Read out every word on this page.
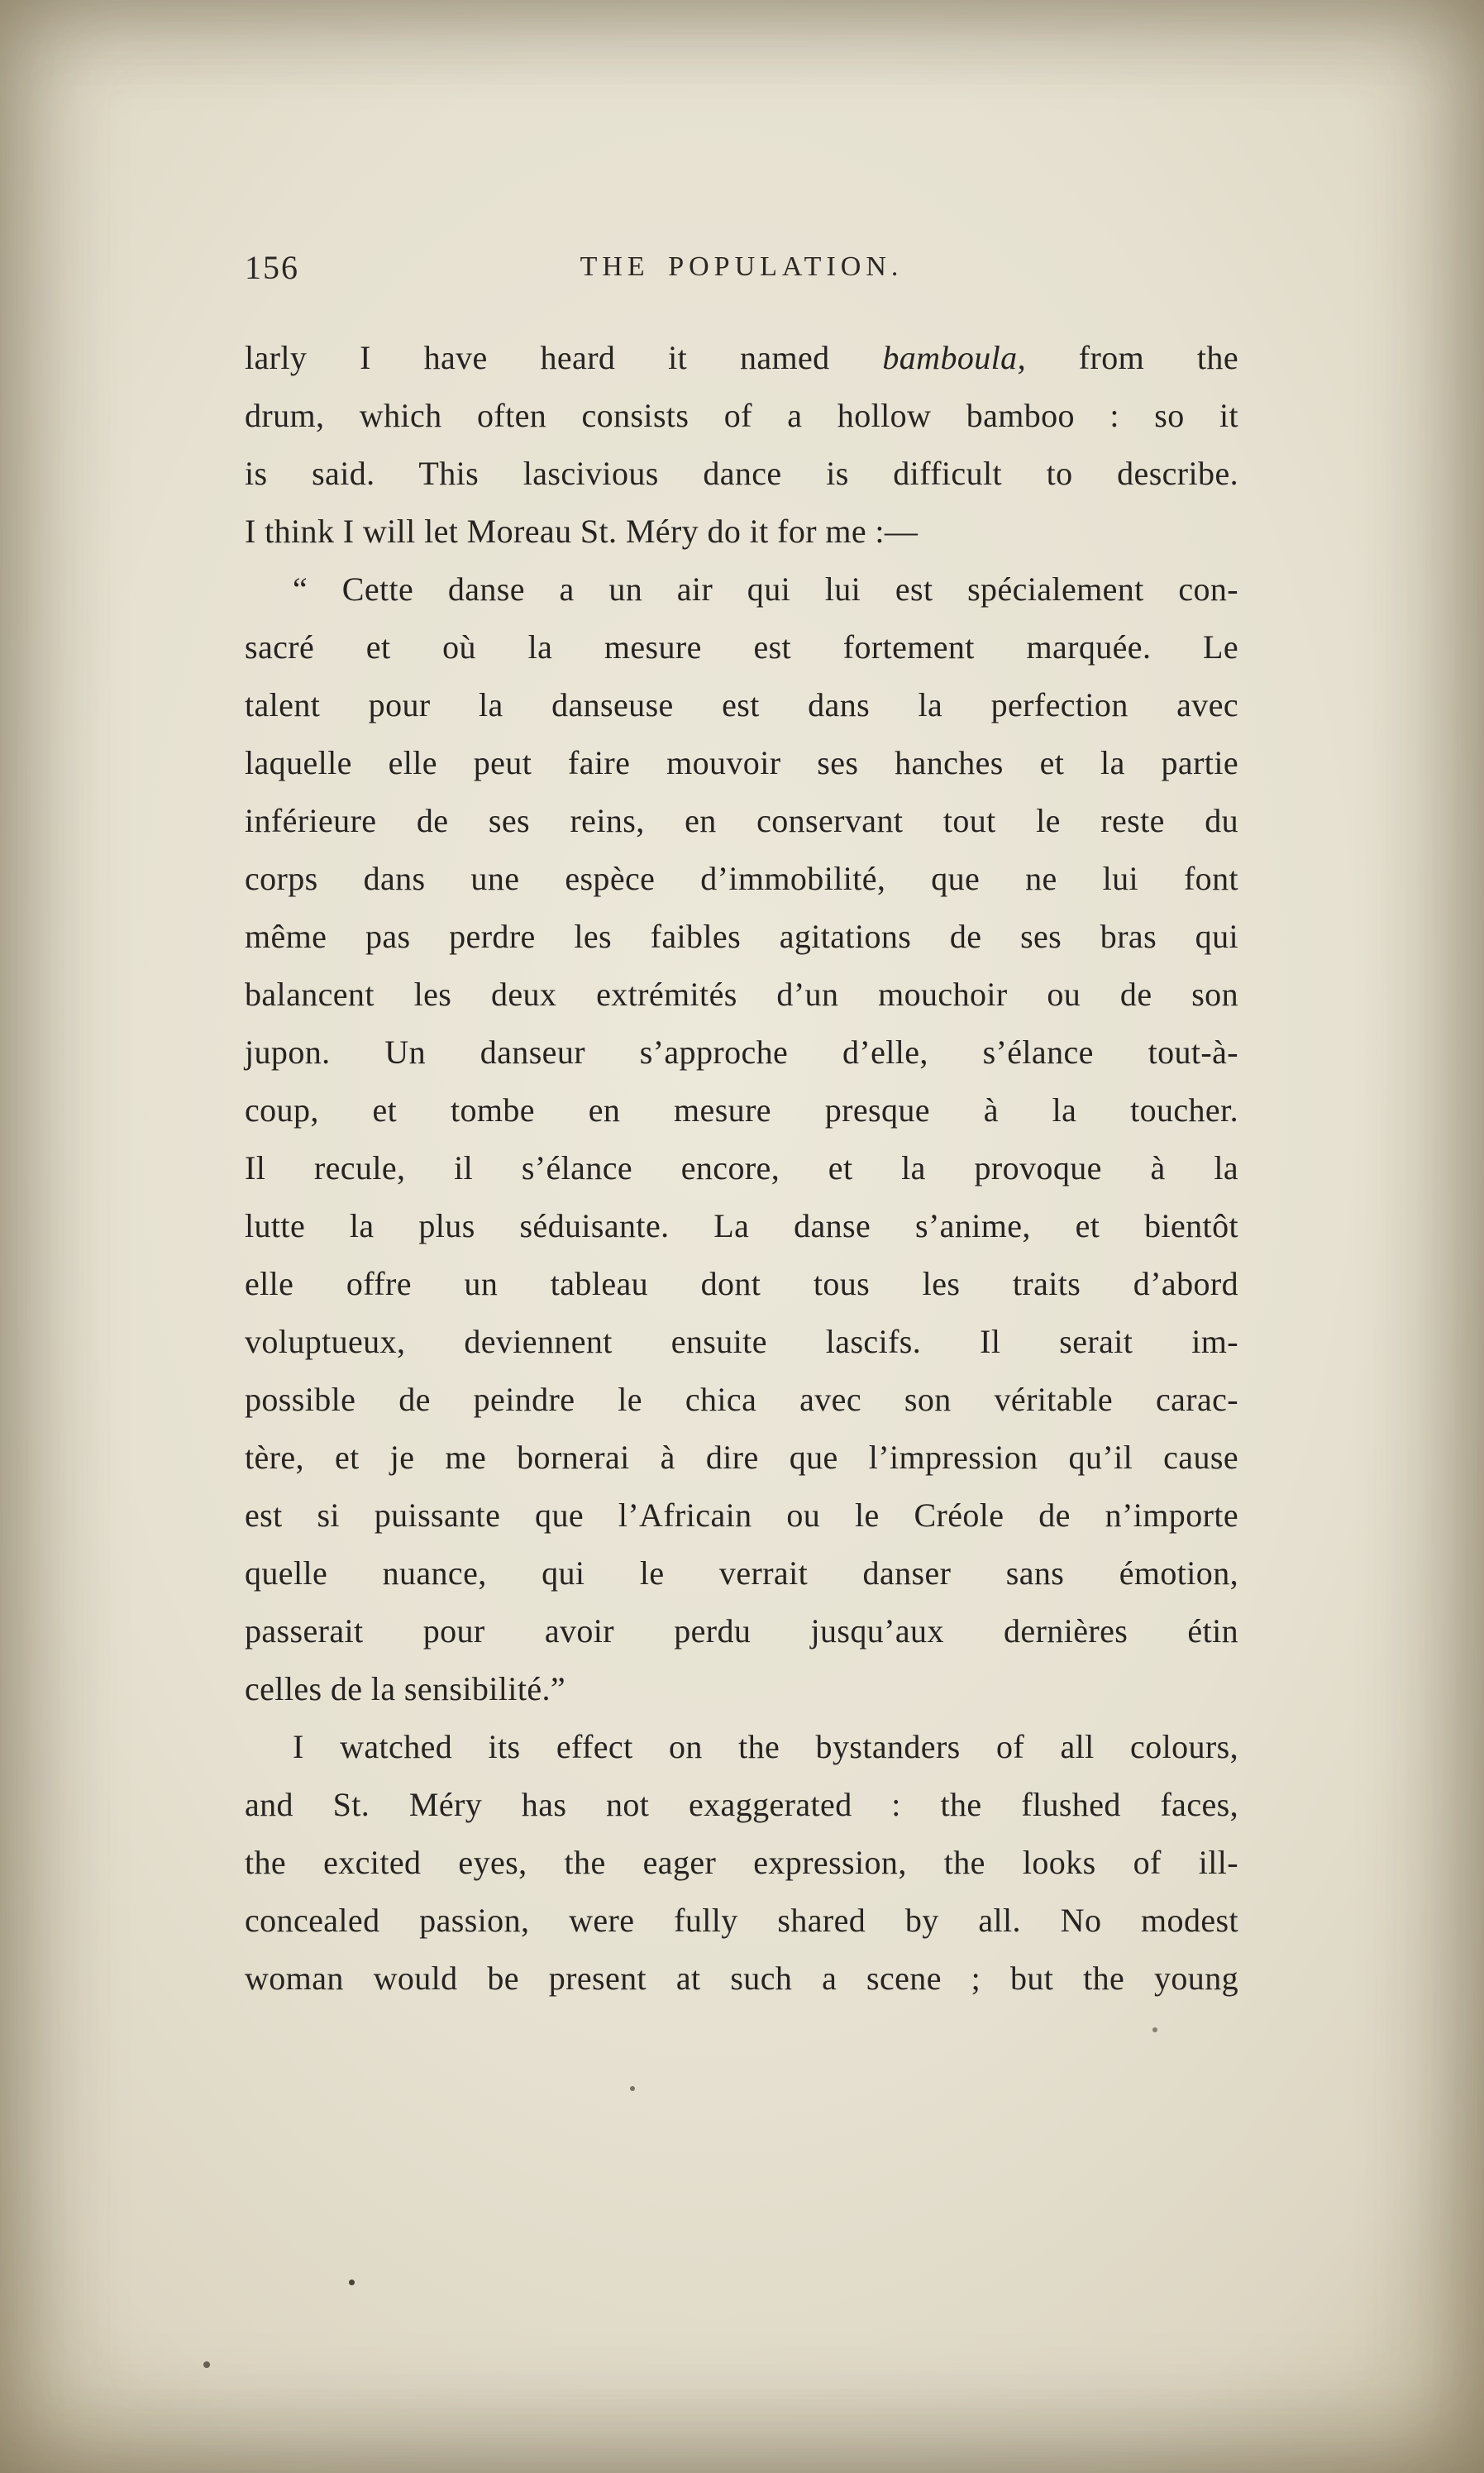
156	THE POPULATION.
larly I have heard it named bamboula, from the
drum, which often consists of a hollow bamboo : so it
is said. This lascivious dance is difficult to describe.
I think I will let Moreau St. Méry do it for me :—
“ Cette danse a un air qui lui est spécialement con-
sacré et où la mesure est fortement marquée. Le
talent pour la danseuse est dans la perfection avec
laquelle elle peut faire mouvoir ses hanches et la partie
inférieure de ses reins, en conservant tout le reste du
corps dans une espèce d’immobilité, que ne lui font
même pas perdre les faibles agitations de ses bras qui
balancent les deux extrémités d’un mouchoir ou de son
jupon. Un danseur s’approche d’elle, s’élance tout-à-
coup, et tombe en mesure presque à la toucher.
Il recule, il s’élance encore, et la provoque à la
lutte la plus séduisante. La danse s’anime, et bientôt
elle offre un tableau dont tous les traits d’abord
voluptueux, deviennent ensuite lascifs. Il serait im-
possible de peindre le chica avec son véritable carac-
tère, et je me bornerai à dire que l’impression qu’il cause
est si puissante que l’Africain ou le Créole de n’importe
quelle nuance, qui le verrait danser sans émotion,
passerait pour avoir perdu jusqu’aux dernières étin
celles de la sensibilité.”
I watched its effect on the bystanders of all colours,
and St. Méry has not exaggerated : the flushed faces,
the excited eyes, the eager expression, the looks of ill-
concealed passion, were fully shared by all. No modest
woman would be present at such a scene ; but the young
